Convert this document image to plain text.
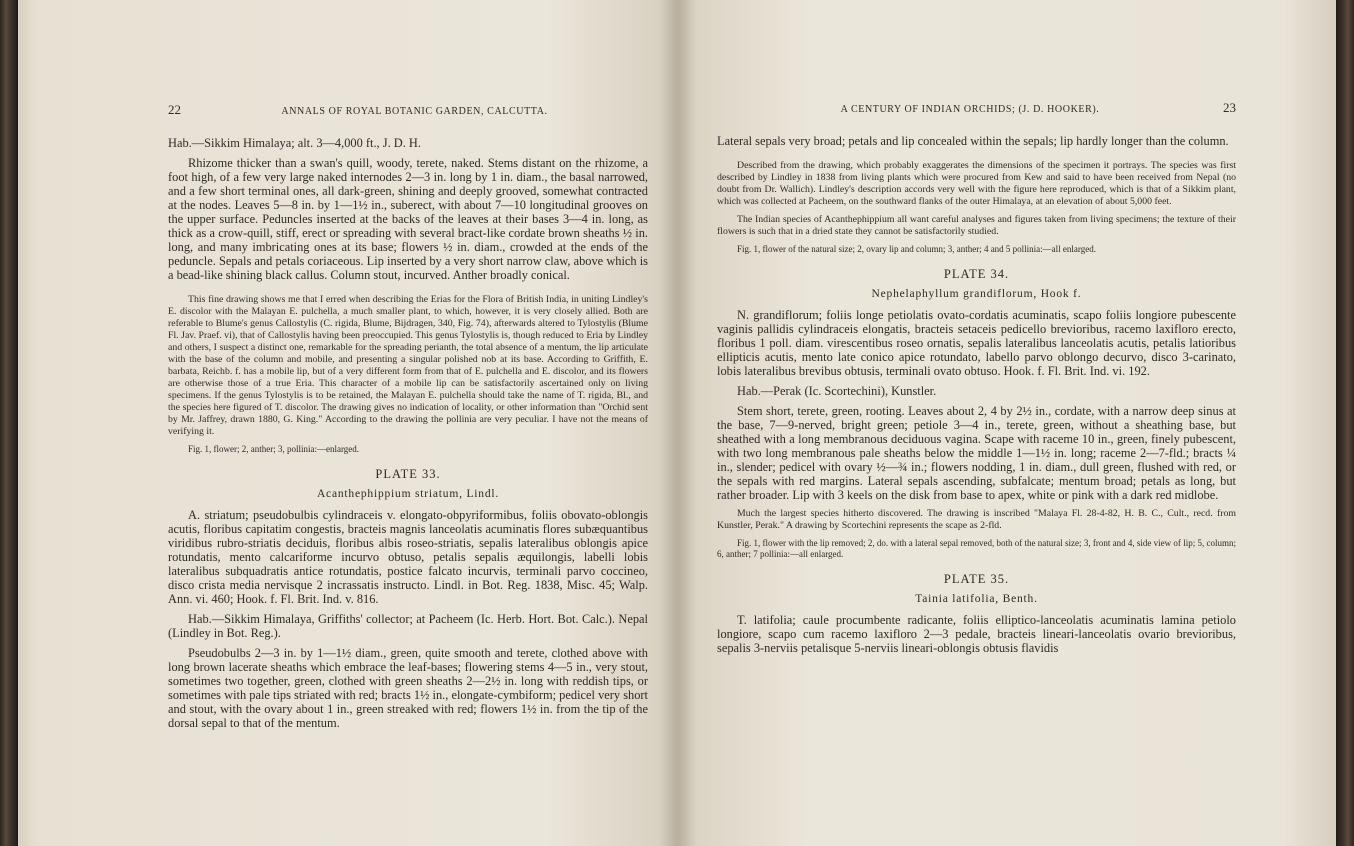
22	ANNALS OF ROYAL BOTANIC GARDEN, CALCUTTA.

Hab.—Sikkim Himalaya; alt. 3—4,000 ft., J. D. H.

Rhizome thicker than a swan's quill, woody, terete, naked. Stems distant on the rhizome, a foot high, of a few very large naked internodes 2—3 in. long by 1 in. diam., the basal narrowed, and a few short terminal ones, all dark-green, shining and deeply grooved, somewhat contracted at the nodes. Leaves 5—8 in. by 1—1½ in., suberect, with about 7—10 longitudinal grooves on the upper surface. Peduncles inserted at the backs of the leaves at their bases 3—4 in. long, as thick as a crow-quill, stiff, erect or spreading with several bract-like cordate brown sheaths ½ in. long, and many imbricating ones at its base; flowers ½ in. diam., crowded at the ends of the peduncle. Sepals and petals coriaceous. Lip inserted by a very short narrow claw, above which is a bead-like shining black callus. Column stout, incurved. Anther broadly conical.

This fine drawing shows me that I erred when describing the Erias for the Flora of British India, in uniting Lindley's E. discolor with the Malayan E. pulchella, a much smaller plant, to which, however, it is very closely allied. Both are referable to Blume's genus Callostylis (C. rigida, Blume, Bijdragen, 340, Fig. 74), afterwards altered to Tylostylis (Blume Fl. Jav. Praef. vi), that of Callostylis having been preoccupied. This genus Tylostylis is, though reduced to Eria by Lindley and others, I suspect a distinct one, remarkable for the spreading perianth, the total absence of a mentum, the lip articulate with the base of the column and mobile, and presenting a singular polished nob at its base. According to Griffith, E. barbata, Reichb. f. has a mobile lip, but of a very different form from that of E. pulchella and E. discolor, and its flowers are otherwise those of a true Eria. This character of a mobile lip can be satisfactorily ascertained only on living specimens. If the genus Tylostylis is to be retained, the Malayan E. pulchella should take the name of T. rigida, Bl., and the species here figured of T. discolor. The drawing gives no indication of locality, or other information than "Orchid sent by Mr. Jaffrey, drawn 1880, G. King." According to the drawing the pollinia are very peculiar. I have not the means of verifying it.

Fig. 1, flower; 2, anther; 3, pollinia:—enlarged.

PLATE 33.
Acanthephippium striatum, Lindl.

A. striatum; pseudobulbis cylindraceis v. elongato-obpyriformibus, foliis obovato-oblongis acutis, floribus capitatim congestis, bracteis magnis lanceolatis acuminatis flores subæquantibus viridibus rubro-striatis deciduis, floribus albis roseo-striatis, sepalis lateralibus oblongis apice rotundatis, mento calcariforme incurvo obtuso, petalis sepalis æquilongis, labelli lobis lateralibus subquadratis antice rotundatis, postice falcato incurvis, terminali parvo coccineo, disco crista media nervisque 2 incrassatis instructo. Lindl. in Bot. Reg. 1838, Misc. 45; Walp. Ann. vi. 460; Hook. f. Fl. Brit. Ind. v. 816.

Hab.—Sikkim Himalaya, Griffiths' collector; at Pacheem (Ic. Herb. Hort. Bot. Calc.). Nepal (Lindley in Bot. Reg.).

Pseudobulbs 2—3 in. by 1—1½ diam., green, quite smooth and terete, clothed above with long brown lacerate sheaths which embrace the leaf-bases; flowering stems 4—5 in., very stout, sometimes two together, green, clothed with green sheaths 2—2½ in. long with reddish tips, or sometimes with pale tips striated with red; bracts 1½ in., elongate-cymbiform; pedicel very short and stout, with the ovary about 1 in., green streaked with red; flowers 1½ in. from the tip of the dorsal sepal to that of the mentum.

A CENTURY OF INDIAN ORCHIDS; (J. D. HOOKER).	23

Lateral sepals very broad; petals and lip concealed within the sepals; lip hardly longer than the column.

Described from the drawing, which probably exaggerates the dimensions of the specimen it portrays. The species was first described by Lindley in 1838 from living plants which were procured from Kew and said to have been received from Nepal (no doubt from Dr. Wallich). Lindley's description accords very well with the figure here reproduced, which is that of a Sikkim plant, which was collected at Pacheem, on the southward flanks of the outer Himalaya, at an elevation of about 5,000 feet.

The Indian species of Acanthephippium all want careful analyses and figures taken from living specimens; the texture of their flowers is such that in a dried state they cannot be satisfactorily studied.

Fig. 1, flower of the natural size; 2, ovary lip and column; 3, anther; 4 and 5 pollinia:—all enlarged.

PLATE 34.
Nephelaphyllum grandiflorum, Hook f.

N. grandiflorum; foliis longe petiolatis ovato-cordatis acuminatis, scapo foliis longiore pubescente vaginis pallidis cylindraceis elongatis, bracteis setaceis pedicello brevioribus, racemo laxifloro erecto, floribus 1 poll. diam. virescentibus roseo ornatis, sepalis lateralibus lanceolatis acutis, petalis latioribus ellipticis acutis, mento late conico apice rotundato, labello parvo oblongo decurvo, disco 3-carinato, lobis lateralibus brevibus obtusis, terminali ovato obtuso. Hook. f. Fl. Brit. Ind. vi. 192.

Hab.—Perak (Ic. Scortechini), Kunstler.

Stem short, terete, green, rooting. Leaves about 2, 4 by 2½ in., cordate, with a narrow deep sinus at the base, 7—9-nerved, bright green; petiole 3—4 in., terete, green, without a sheathing base, but sheathed with a long membranous deciduous vagina. Scape with raceme 10 in., green, finely pubescent, with two long membranous pale sheaths below the middle 1—1½ in. long; raceme 2—7-fld.; bracts ¼ in., slender; pedicel with ovary ½—¾ in.; flowers nodding, 1 in. diam., dull green, flushed with red, or the sepals with red margins. Lateral sepals ascending, subfalcate; mentum broad; petals as long, but rather broader. Lip with 3 keels on the disk from base to apex, white or pink with a dark red midlobe.

Much the largest species hitherto discovered. The drawing is inscribed "Malaya Fl. 28-4-82, H. B. C., Cult., recd. from Kunstler, Perak." A drawing by Scortechini represents the scape as 2-fld.

Fig. 1, flower with the lip removed; 2, do. with a lateral sepal removed, both of the natural size; 3, front and 4, side view of lip; 5, column; 6, anther; 7 pollinia:—all enlarged.

PLATE 35.
Tainia latifolia, Benth.

T. latifolia; caule procumbente radicante, foliis elliptico-lanceolatis acuminatis lamina petiolo longiore, scapo cum racemo laxifloro 2—3 pedale, bracteis lineari-lanceolatis ovario brevioribus, sepalis 3-nerviis petalisque 5-nerviis lineari-oblongis obtusis flavidis
